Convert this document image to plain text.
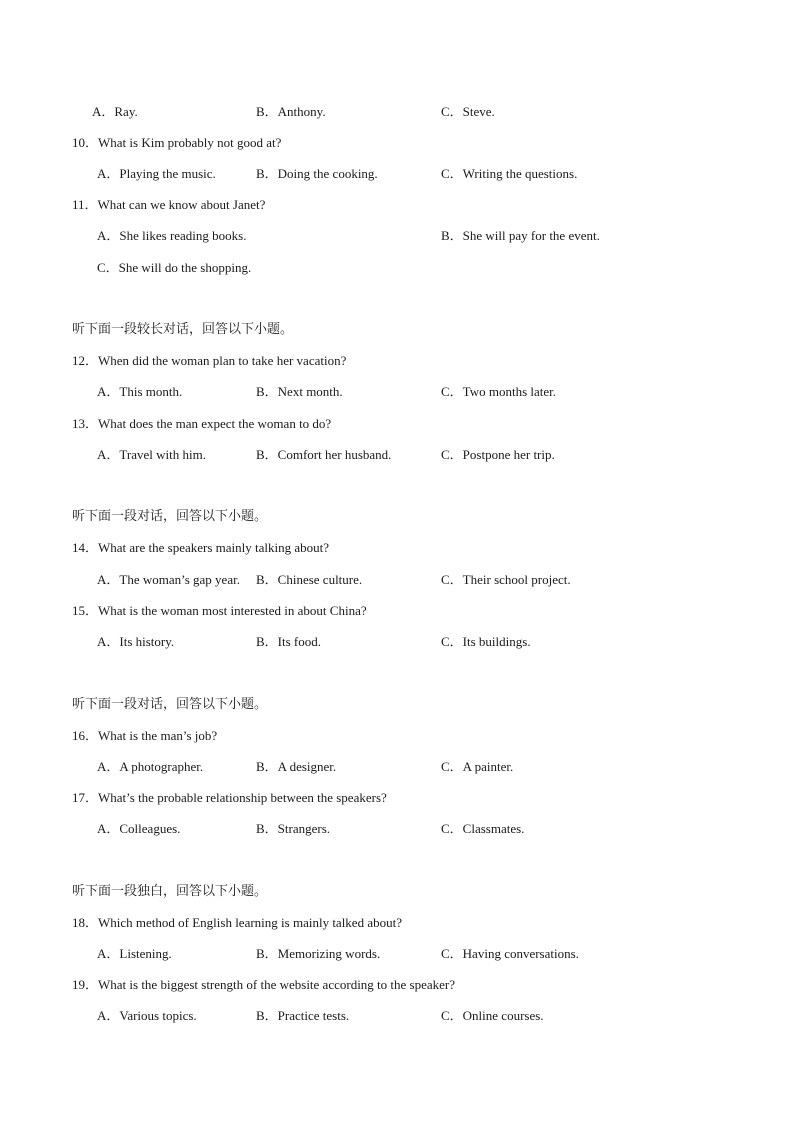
A．Ray.	B．Anthony.	C．Steve.
10．What is Kim probably not good at?
A．Playing the music.	B．Doing the cooking.	C．Writing the questions.
11．What can we know about Janet?
A．She likes reading books.	B．She will pay for the event.
C．She will do the shopping.
听下面一段较长对话，回答以下小题。
12．When did the woman plan to take her vacation?
A．This month.	B．Next month.	C．Two months later.
13．What does the man expect the woman to do?
A．Travel with him.	B．Comfort her husband.	C．Postpone her trip.
听下面一段对话，回答以下小题。
14．What are the speakers mainly talking about?
A．The woman’s gap year. B．Chinese culture.	C．Their school project.
15．What is the woman most interested in about China?
A．Its history.	B．Its food.	C．Its buildings.
听下面一段对话，回答以下小题。
16．What is the man’s job?
A．A photographer.	B．A designer.	C．A painter.
17．What’s the probable relationship between the speakers?
A．Colleagues.	B．Strangers.	C．Classmates.
听下面一段独白，回答以下小题。
18．Which method of English learning is mainly talked about?
A．Listening.	B．Memorizing words.	C．Having conversations.
19．What is the biggest strength of the website according to the speaker?
A．Various topics.	B．Practice tests.	C．Online courses.
